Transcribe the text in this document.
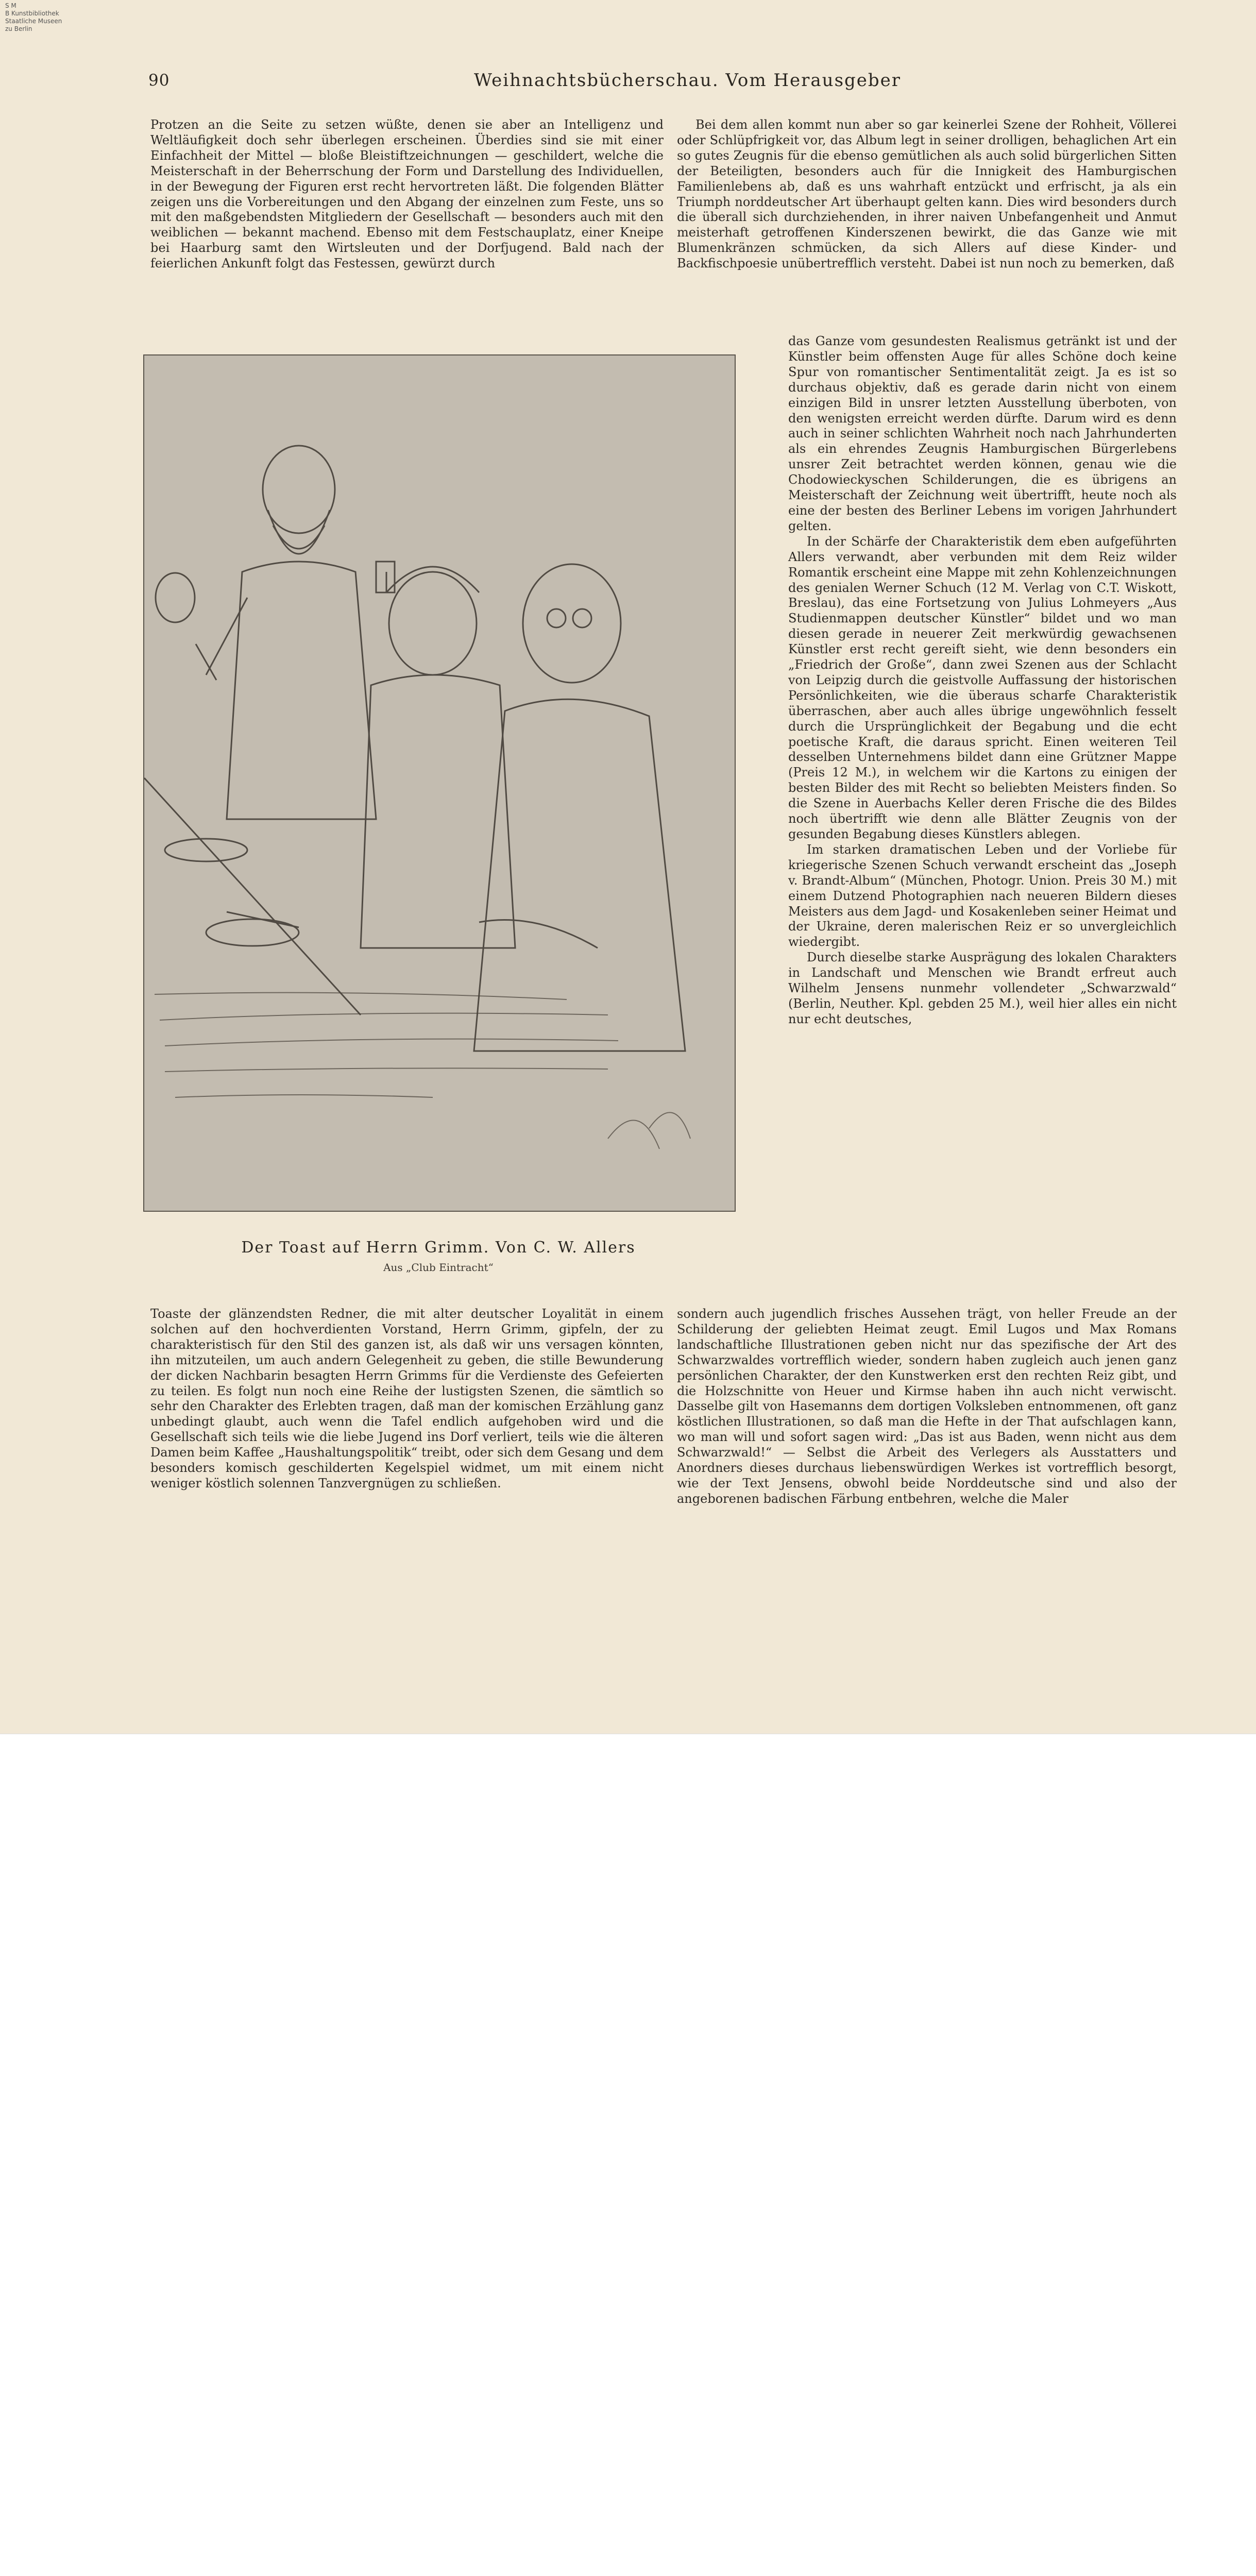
S M
B Kunstbibliothek
Staatliche Museen
zu Berlin
90	Weihnachtsbücherschau. Vom Herausgeber

Protzen an die Seite zu setzen wüßte, denen sie aber an Intelligenz und Weltläufigkeit doch sehr überlegen erscheinen. Überdies sind sie mit einer Einfachheit der Mittel — bloße Bleistiftzeichnungen — geschildert, welche die Meisterschaft in der Beherrschung der Form und Darstellung des Individuellen, in der Bewegung der Figuren erst recht hervortreten läßt. Die folgenden Blätter zeigen uns die Vorbereitungen und den Abgang der einzelnen zum Feste, uns so mit den maßgebendsten Mitgliedern der Gesellschaft — besonders auch mit den weiblichen — bekannt machend. Ebenso mit dem Festschauplatz, einer Kneipe bei Haarburg samt den Wirtsleuten und der Dorfjugend. Bald nach der feierlichen Ankunft folgt das Festessen, gewürzt durch

Bei dem allen kommt nun aber so gar keinerlei Szene der Rohheit, Völlerei oder Schlüpfrigkeit vor, das Album legt in seiner drolligen, behaglichen Art ein so gutes Zeugnis für die ebenso gemütlichen als auch solid bürgerlichen Sitten der Beteiligten, besonders auch für die Innigkeit des Hamburgischen Familienlebens ab, daß es uns wahrhaft entzückt und erfrischt, ja als ein Triumph norddeutscher Art überhaupt gelten kann. Dies wird besonders durch die überall sich durchziehenden, in ihrer naiven Unbefangenheit und Anmut meisterhaft getroffenen Kinderszenen bewirkt, die das Ganze wie mit Blumenkränzen schmücken, da sich Allers auf diese Kinder- und Backfischpoesie unübertrefflich versteht. Dabei ist nun noch zu bemerken, daß

das Ganze vom gesundesten Realismus getränkt ist und der Künstler beim offensten Auge für alles Schöne doch keine Spur von romantischer Sentimentalität zeigt. Ja es ist so durchaus objektiv, daß es gerade darin nicht von einem einzigen Bild in unsrer letzten Ausstellung überboten, von den wenigsten erreicht werden dürfte. Darum wird es denn auch in seiner schlichten Wahrheit noch nach Jahrhunderten als ein ehrendes Zeugnis Hamburgischen Bürgerlebens unsrer Zeit betrachtet werden können, genau wie die Chodowieckyschen Schilderungen, die es übrigens an Meisterschaft der Zeichnung weit übertrifft, heute noch als eine der besten des Berliner Lebens im vorigen Jahrhundert gelten.

In der Schärfe der Charakteristik dem eben aufgeführten Allers verwandt, aber verbunden mit dem Reiz wilder Romantik erscheint eine Mappe mit zehn Kohlenzeichnungen des genialen Werner Schuch (12 M. Verlag von C.T. Wiskott, Breslau), das eine Fortsetzung von Julius Lohmeyers „Aus Studienmappen deutscher Künstler“ bildet und wo man diesen gerade in neuerer Zeit merkwürdig gewachsenen Künstler erst recht gereift sieht, wie denn besonders ein „Friedrich der Große“, dann zwei Szenen aus der Schlacht von Leipzig durch die geistvolle Auffassung der historischen Persönlichkeiten, wie die überaus scharfe Charakteristik überraschen, aber auch alles übrige ungewöhnlich fesselt durch die Ursprünglichkeit der Begabung und die echt poetische Kraft, die daraus spricht. Einen weiteren Teil desselben Unternehmens bildet dann eine Grützner Mappe (Preis 12 M.), in welchem wir die Kartons zu einigen der besten Bilder des mit Recht so beliebten Meisters finden. So die Szene in Auerbachs Keller deren Frische die des Bildes noch übertrifft wie denn alle Blätter Zeugnis von der gesunden Begabung dieses Künstlers ablegen.

Im starken dramatischen Leben und der Vorliebe für kriegerische Szenen Schuch verwandt erscheint das „Joseph v. Brandt-Album“ (München, Photogr. Union. Preis 30 M.) mit einem Dutzend Photographien nach neueren Bildern dieses Meisters aus dem Jagd- und Kosakenleben seiner Heimat und der Ukraine, deren malerischen Reiz er so unvergleichlich wiedergibt.

Durch dieselbe starke Ausprägung des lokalen Charakters in Landschaft und Menschen wie Brandt erfreut auch Wilhelm Jensens nunmehr vollendeter „Schwarzwald“ (Berlin, Neuther. Kpl. gebden 25 M.), weil hier alles ein nicht nur echt deutsches,

Der Toast auf Herrn Grimm. Von C. W. Allers
Aus „Club Eintracht“

Toaste der glänzendsten Redner, die mit alter deutscher Loyalität in einem solchen auf den hochverdienten Vorstand, Herrn Grimm, gipfeln, der zu charakteristisch für den Stil des ganzen ist, als daß wir uns versagen könnten, ihn mitzuteilen, um auch andern Gelegenheit zu geben, die stille Bewunderung der dicken Nachbarin besagten Herrn Grimms für die Verdienste des Gefeierten zu teilen. Es folgt nun noch eine Reihe der lustigsten Szenen, die sämtlich so sehr den Charakter des Erlebten tragen, daß man der komischen Erzählung ganz unbedingt glaubt, auch wenn die Tafel endlich aufgehoben wird und die Gesellschaft sich teils wie die liebe Jugend ins Dorf verliert, teils wie die älteren Damen beim Kaffee „Haushaltungspolitik“ treibt, oder sich dem Gesang und dem besonders komisch geschilderten Kegelspiel widmet, um mit einem nicht weniger köstlich solennen Tanzvergnügen zu schließen.

sondern auch jugendlich frisches Aussehen trägt, von heller Freude an der Schilderung der geliebten Heimat zeugt. Emil Lugos und Max Romans landschaftliche Illustrationen geben nicht nur das spezifische der Art des Schwarzwaldes vortrefflich wieder, sondern haben zugleich auch jenen ganz persönlichen Charakter, der den Kunstwerken erst den rechten Reiz gibt, und die Holzschnitte von Heuer und Kirmse haben ihn auch nicht verwischt. Dasselbe gilt von Hasemanns dem dortigen Volksleben entnommenen, oft ganz köstlichen Illustrationen, so daß man die Hefte in der That aufschlagen kann, wo man will und sofort sagen wird: „Das ist aus Baden, wenn nicht aus dem Schwarzwald!“ — Selbst die Arbeit des Verlegers als Ausstatters und Anordners dieses durchaus liebenswürdigen Werkes ist vortrefflich besorgt, wie der Text Jensens, obwohl beide Norddeutsche sind und also der angeborenen badischen Färbung entbehren, welche die Maler
